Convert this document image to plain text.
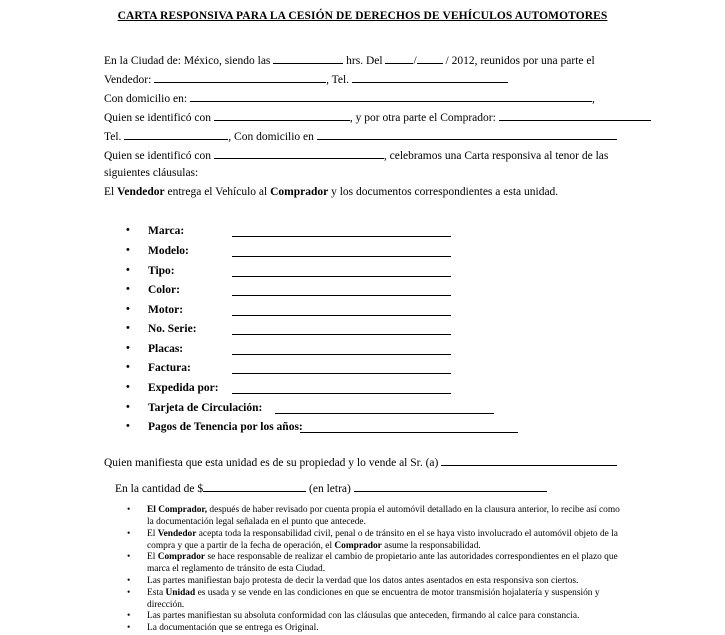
CARTA RESPONSIVA PARA LA CESIÓN DE DERECHOS DE VEHÍCULOS AUTOMOTORES
En la Ciudad de: México, siendo las	hrs. Del	/	/ 2012, reunidos por una parte el
Vendedor:	, Tel.
Con domicilio en:	,
Quien se identificó con	, y por otra parte el Comprador:
Tel.	, Con domicilio en
Quien se identificó con	, celebramos una Carta responsiva al tenor de las
siguientes cláusulas:
El Vendedor entrega el Vehículo al Comprador y los documentos correspondientes a esta unidad.
• Marca:
• Modelo:
• Tipo:
• Color:
• Motor:
• No. Serie:
• Placas:
• Factura:
• Expedida por:
• Tarjeta de Circulación:
• Pagos de Tenencia por los años:
Quien manifiesta que esta unidad es de su propiedad y lo vende al Sr. (a)
En la cantidad de $	(en letra)
• El Comprador, después de haber revisado por cuenta propia el automóvil detallado en la clausura anterior, lo recibe así como la documentación legal señalada en el punto que antecede.
• El Vendedor acepta toda la responsabilidad civil, penal o de tránsito en el se haya visto involucrado el automóvil objeto de la compra y que a partir de la fecha de operación, el Comprador asume la responsabilidad.
• El Comprador se hace responsable de realizar el cambio de propietario ante las autoridades correspondientes en el plazo que marca el reglamento de tránsito de esta Ciudad.
• Las partes manifiestan bajo protesta de decir la verdad que los datos antes asentados en esta responsiva son ciertos.
• Esta Unidad es usada y se vende en las condiciones en que se encuentra de motor transmisión hojalatería y suspensión y dirección.
• Las partes manifiestan su absoluta conformidad con las cláusulas que anteceden, firmando al calce para constancia.
• La documentación que se entrega es Original.
